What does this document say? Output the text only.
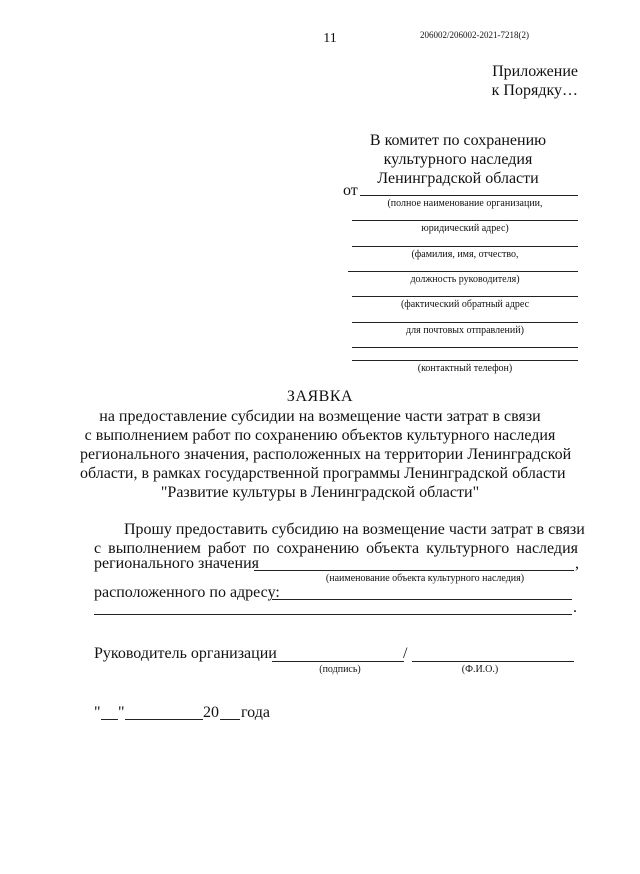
11	206002/206002-2021-7218(2)
Приложение
к Порядку…
В комитет по сохранению
культурного наследия
Ленинградской области
от
(полное наименование организации,
юридический адрес)
(фамилия, имя, отчество,
должность руководителя)
(фактический обратный адрес
для почтовых отправлений)
(контактный телефон)
ЗАЯВКА
на предоставление субсидии на возмещение части затрат в связи
с выполнением работ по сохранению объектов культурного наследия
регионального значения, расположенных на территории Ленинградской
области, в рамках государственной программы Ленинградской области
"Развитие культуры в Ленинградской области"
Прошу предоставить субсидию на возмещение части затрат в связи
с выполнением работ по сохранению объекта культурного наследия
регионального значения	,
(наименование объекта культурного наследия)
расположенного по адресу:
.
Руководитель организации	/
(подпись)	(Ф.И.О.)
" "	20 года
